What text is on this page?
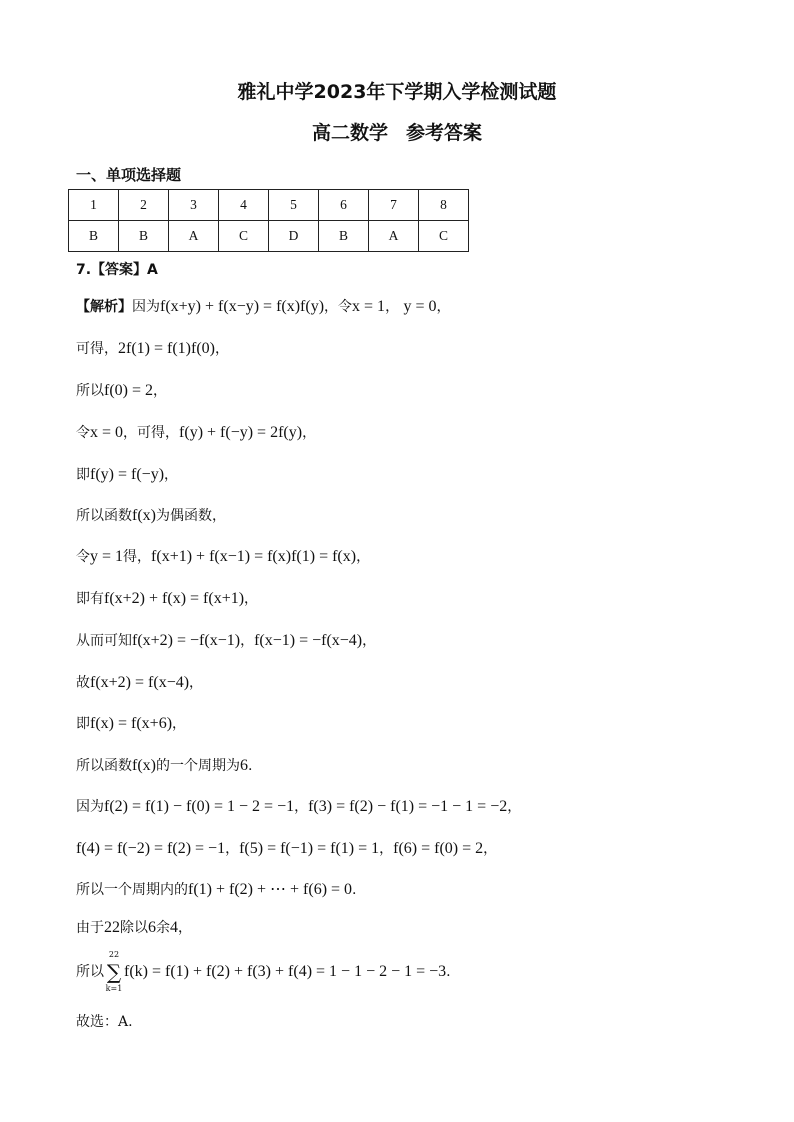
雅礼中学2023年下学期入学检测试题
高二数学 参考答案
一、单项选择题
1	2	3	4	5	6	7	8
B	B	A	C	D	B	A	C
7.【答案】A
【解析】因为f(x+y) + f(x−y) = f(x)f(y)，令x = 1， y = 0，
可得，2f(1) = f(1)f(0)，
所以f(0) = 2，
令x = 0，可得，f(y) + f(−y) = 2f(y)，
即f(y) = f(−y)，
所以函数f(x)为偶函数，
令y = 1得，f(x+1) + f(x−1) = f(x)f(1) = f(x)，
即有f(x+2) + f(x) = f(x+1)，
从而可知f(x+2) = −f(x−1)，f(x−1) = −f(x−4)，
故f(x+2) = f(x−4)，
即f(x) = f(x+6)，
所以函数f(x)的一个周期为6.
因为f(2) = f(1) − f(0) = 1 − 2 = −1，f(3) = f(2) − f(1) = −1 − 1 = −2，
f(4) = f(−2) = f(2) = −1，f(5) = f(−1) = f(1) = 1，f(6) = f(0) = 2，
所以一个周期内的f(1) + f(2) + ⋯ + f(6) = 0.
由于22除以6余4，
所以
22
∑
k=1
f(k) = f(1) + f(2) + f(3) + f(4) = 1 − 1 − 2 − 1 = −3.
故选：A.
